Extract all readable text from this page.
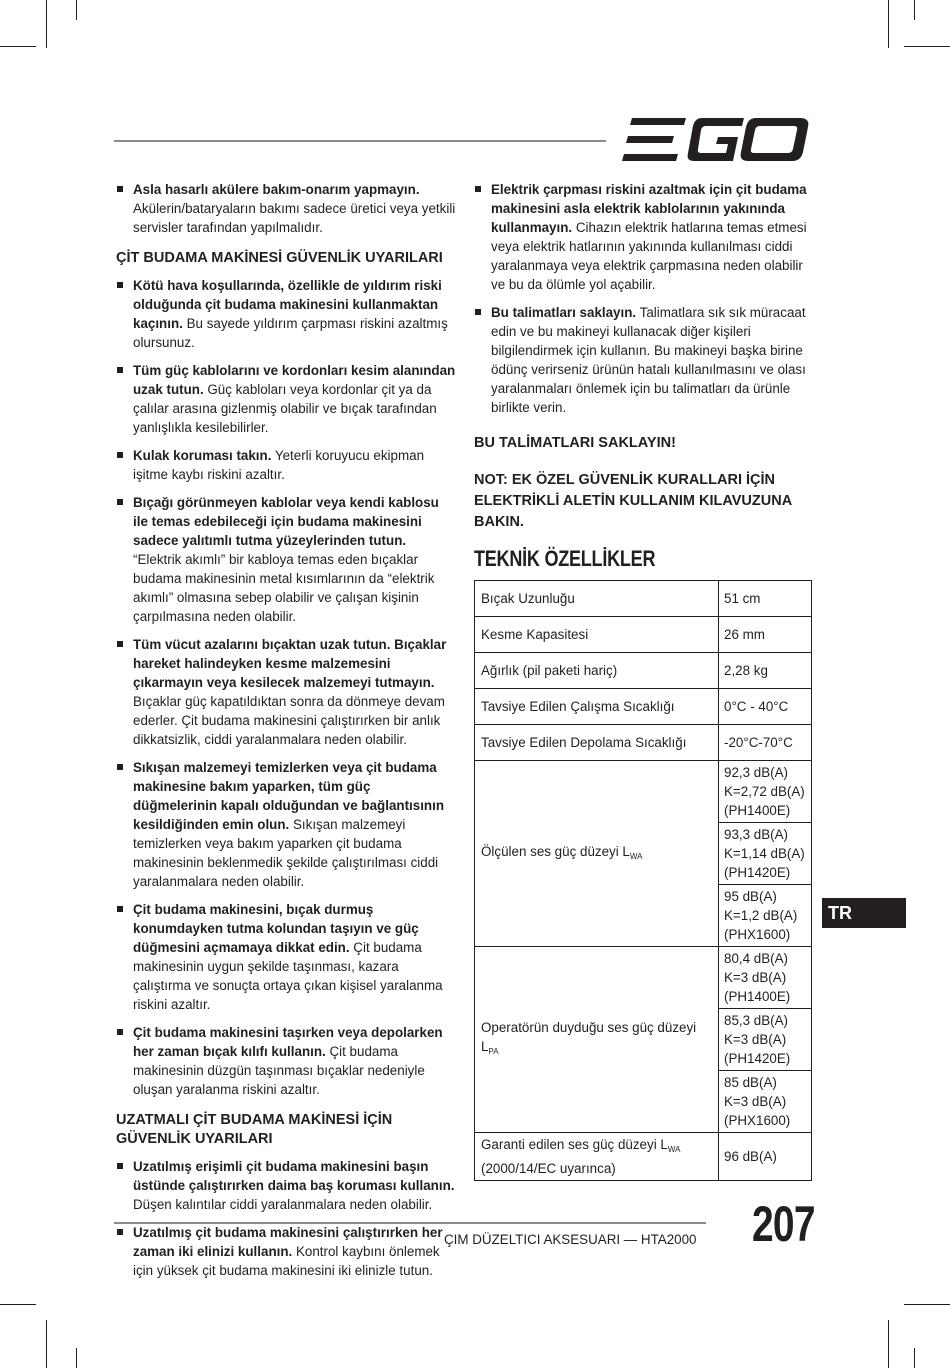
Asla hasarlı akülere bakım-onarım yapmayın. Akülerin/bataryaların bakımı sadece üretici veya yetkili servisler tarafından yapılmalıdır.
ÇİT BUDAMA MAKİNESİ GÜVENLİK UYARILARI
Kötü hava koşullarında, özellikle de yıldırım riski olduğunda çit budama makinesini kullanmaktan kaçının. Bu sayede yıldırım çarpması riskini azaltmış olursunuz.
Tüm güç kablolarını ve kordonları kesim alanından uzak tutun. Güç kabloları veya kordonlar çit ya da çalılar arasına gizlenmiş olabilir ve bıçak tarafından yanlışlıkla kesilebilirler.
Kulak koruması takın. Yeterli koruyucu ekipman işitme kaybı riskini azaltır.
Bıçağı görünmeyen kablolar veya kendi kablosu ile temas edebileceği için budama makinesini sadece yalıtımlı tutma yüzeylerinden tutun. “Elektrik akımlı” bir kabloya temas eden bıçaklar budama makinesinin metal kısımlarının da “elektrik akımlı” olmasına sebep olabilir ve çalışan kişinin çarpılmasına neden olabilir.
Tüm vücut azalarını bıçaktan uzak tutun. Bıçaklar hareket halindeyken kesme malzemesini çıkarmayın veya kesilecek malzemeyi tutmayın. Bıçaklar güç kapatıldıktan sonra da dönmeye devam ederler. Çit budama makinesini çalıştırırken bir anlık dikkatsizlik, ciddi yaralanmalara neden olabilir.
Sıkışan malzemeyi temizlerken veya çit budama makinesine bakım yaparken, tüm güç düğmelerinin kapalı olduğundan ve bağlantısının kesildiğinden emin olun. Sıkışan malzemeyi temizlerken veya bakım yaparken çit budama makinesinin beklenmedik şekilde çalıştırılması ciddi yaralanmalara neden olabilir.
Çit budama makinesini, bıçak durmuş konumdayken tutma kolundan taşıyın ve güç düğmesini açmamaya dikkat edin. Çit budama makinesinin uygun şekilde taşınması, kazara çalıştırma ve sonuçta ortaya çıkan kişisel yaralanma riskini azaltır.
Çit budama makinesini taşırken veya depolarken her zaman bıçak kılıfı kullanın. Çit budama makinesinin düzgün taşınması bıçaklar nedeniyle oluşan yaralanma riskini azaltır.
UZATMALI ÇİT BUDAMA MAKİNESİ İÇİN GÜVENLİK UYARILARI
Uzatılmış erişimli çit budama makinesini başın üstünde çalıştırırken daima baş koruması kullanın. Düşen kalıntılar ciddi yaralanmalara neden olabilir.
Uzatılmış çit budama makinesini çalıştırırken her zaman iki elinizi kullanın. Kontrol kaybını önlemek için yüksek çit budama makinesini iki elinizle tutun.
Elektrik çarpması riskini azaltmak için çit budama makinesini asla elektrik kablolarının yakınında kullanmayın. Cihazın elektrik hatlarına temas etmesi veya elektrik hatlarının yakınında kullanılması ciddi yaralanmaya veya elektrik çarpmasına neden olabilir ve bu da ölümle yol açabilir.
Bu talimatları saklayın. Talimatlara sık sık müracaat edin ve bu makineyi kullanacak diğer kişileri bilgilendirmek için kullanın. Bu makineyi başka birine ödünç verirseniz ürünün hatalı kullanılmasını ve olası yaralanmaları önlemek için bu talimatları da ürünle birlikte verin.
BU TALİMATLARI SAKLAYIN!
NOT: EK ÖZEL GÜVENLİK KURALLARI İÇİN ELEKTRİKLİ ALETİN KULLANIM KILAVUZUNA BAKIN.
TEKNİK ÖZELLİKLER
Bıçak Uzunluğu	51 cm
Kesme Kapasitesi	26 mm
Ağırlık (pil paketi hariç)	2,28 kg
Tavsiye Edilen Çalışma Sıcaklığı	0°C - 40°C
Tavsiye Edilen Depolama Sıcaklığı	-20°C-70°C
Ölçülen ses güç düzeyi $L_{WA}$	92,3 dB(A)
K=2,72 dB(A)
(PH1400E)

	93,3 dB(A)
K=1,14 dB(A)
(PH1420E)

	95 dB(A)
K=1,2 dB(A)
(PHX1600)

Operatörün duyduğu ses güç düzeyi $L_{PA}$	80,4 dB(A)
K=3 dB(A)
(PH1400E)

	85,3 dB(A)
K=3 dB(A)
(PH1420E)

	85 dB(A)
K=3 dB(A)
(PHX1600)

Garanti edilen ses güç düzeyi $L_{WA}$
(2000/14/EC uyarınca)	96 dB(A)
TR
ÇIM DÜZELTICI AKSESUARI — HTA2000 207
